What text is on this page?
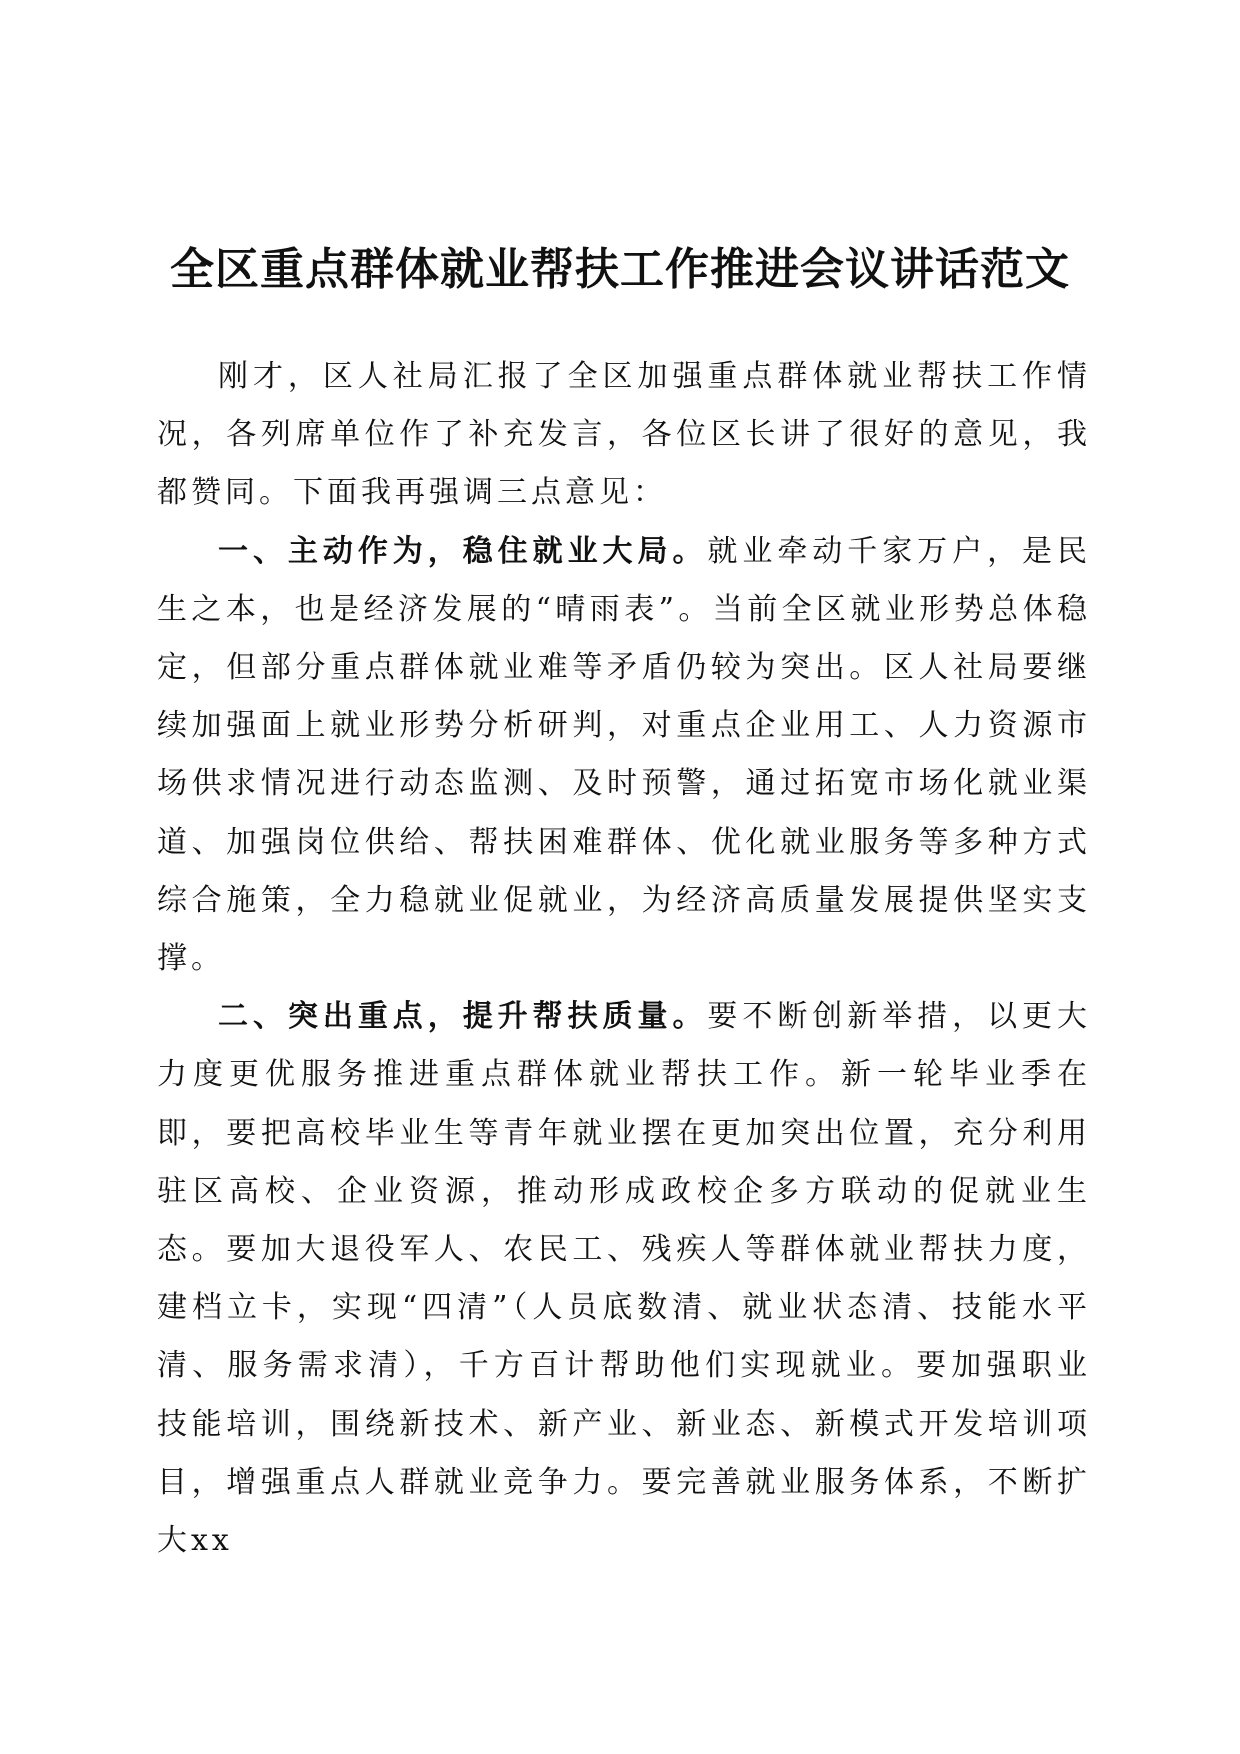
全区重点群体就业帮扶工作推进会议讲话范文

刚才，区人社局汇报了全区加强重点群体就业帮扶工作情况，各列席单位作了补充发言，各位区长讲了很好的意见，我都赞同。下面我再强调三点意见：

一、主动作为，稳住就业大局。就业牵动千家万户，是民生之本，也是经济发展的“晴雨表”。当前全区就业形势总体稳定，但部分重点群体就业难等矛盾仍较为突出。区人社局要继续加强面上就业形势分析研判，对重点企业用工、人力资源市场供求情况进行动态监测、及时预警，通过拓宽市场化就业渠道、加强岗位供给、帮扶困难群体、优化就业服务等多种方式综合施策，全力稳就业促就业，为经济高质量发展提供坚实支撑。

二、突出重点，提升帮扶质量。要不断创新举措，以更大力度更优服务推进重点群体就业帮扶工作。新一轮毕业季在即，要把高校毕业生等青年就业摆在更加突出位置，充分利用驻区高校、企业资源，推动形成政校企多方联动的促就业生态。要加大退役军人、农民工、残疾人等群体就业帮扶力度，建档立卡，实现“四清”（人员底数清、就业状态清、技能水平清、服务需求清），千方百计帮助他们实现就业。要加强职业技能培训，围绕新技术、新产业、新业态、新模式开发培训项目，增强重点人群就业竞争力。要完善就业服务体系，不断扩大xx
